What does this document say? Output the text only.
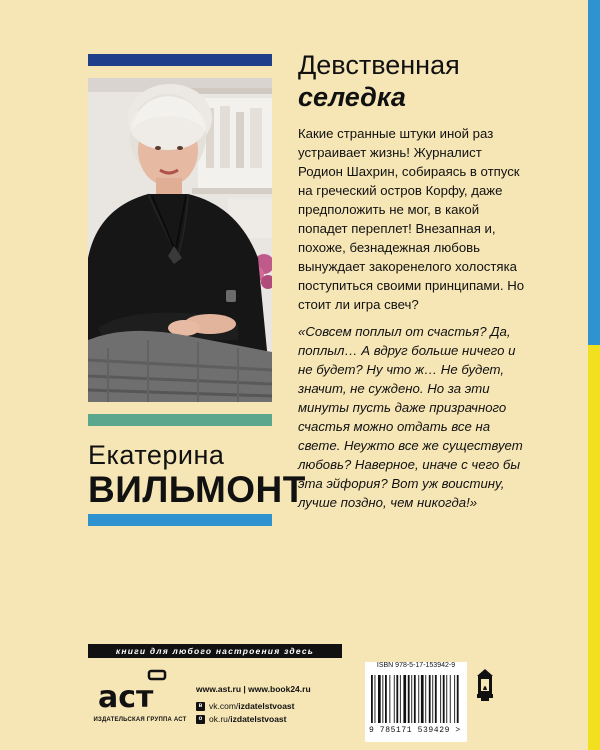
Екатерина
ВИЛЬМОНТ
Девственная
селедка
Какие странные штуки иной раз устраивает жизнь! Журналист Родион Шахрин, собираясь в отпуск на греческий остров Корфу, даже предположить не мог, в какой попадет переплет! Внезапная и, похоже, безнадежная любовь вынуждает закоренелого холостяка поступиться своими принципами. Но стоит ли игра свеч?
«Совсем поплыл от счастья? Да, поплыл… А вдруг больше ничего и не будет? Ну что ж… Не будет, значит, не суждено. Но за эти минуты пусть даже призрачного счастья можно отдать все на свете. Неужто все же существует любовь? Наверное, иначе с чего бы эта эйфория? Вот уж воистину, лучше поздно, чем никогда!»
книги для любого настроения здесь
аст
ИЗДАТЕЛЬСКАЯ ГРУППА АСТ
www.ast.ru | www.book24.ru
в vk.com/izdatelstvoast
о ok.ru/izdatelstvoast
ISBN 978-5-17-153942-9
9 785171 539429 >
